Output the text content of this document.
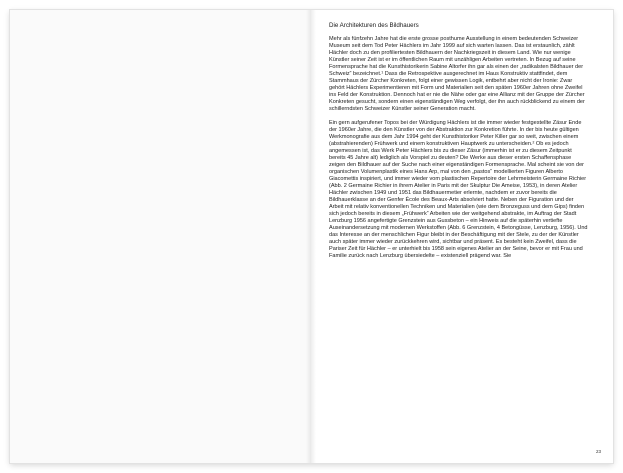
Die Architekturen des Bildhauers

Mehr als fünfzehn Jahre hat die erste grosse posthume Ausstellung in einem bedeutenden Schweizer Museum seit dem Tod Peter Hächlers im Jahr 1999 auf sich warten lassen. Das ist erstaunlich, zählt Hächler doch zu den profiliertesten Bildhauern der Nachkriegszeit in diesem Land. Wie nur wenige Künstler seiner Zeit ist er im öffentlichen Raum mit unzähligen Arbeiten vertreten. In Bezug auf seine Formensprache hat die Kunsthistorikerin Sabine Altorfer ihn gar als einen der „radikalsten Bildhauer der Schweiz“ bezeichnet.¹ Dass die Retrospektive ausgerechnet im Haus Konstruktiv stattfindet, dem Stammhaus der Zürcher Konkreten, folgt einer gewissen Logik, entbehrt aber nicht der Ironie: Zwar gehört Hächlers Experimentieren mit Form und Materialien seit den späten 1960er Jahren ohne Zweifel ins Feld der Konstruktion. Dennoch hat er nie die Nähe oder gar eine Allianz mit der Gruppe der Zürcher Konkreten gesucht, sondern einen eigenständigen Weg verfolgt, der ihn auch rückblickend zu einem der schillerndsten Schweizer Künstler seiner Generation macht.

Ein gern aufgerufener Topos bei der Würdigung Hächlers ist die immer wieder festgestellte Zäsur Ende der 1960er Jahre, die den Künstler von der Abstraktion zur Konkretion führte. In der bis heute gültigen Werkmonografie aus dem Jahr 1994 geht der Kunsthistoriker Peter Killer gar so weit, zwischen einem (abstrahierenden) Frühwerk und einem konstruktiven Hauptwerk zu unterscheiden.² Ob es jedoch angemessen ist, das Werk Peter Hächlers bis zu dieser Zäsur (immerhin ist er zu diesem Zeitpunkt bereits 45 Jahre alt) lediglich als Vorspiel zu deuten? Die Werke aus dieser ersten Schaffensphase zeigen den Bildhauer auf der Suche nach einer eigenständigen Formensprache. Mal scheint sie von der organischen Volumenplastik eines Hans Arp, mal von den „pastos“ modellierten Figuren Alberto Giacomettis inspiriert, und immer wieder vom plastischen Repertoire der Lehrmeisterin Germaine Richier (Abb. 2 Germaine Richier in ihrem Atelier in Paris mit der Skulptur Die Ameise, 1953), in deren Atelier Hächler zwischen 1949 und 1951 das Bildhauermetier erlernte, nachdem er zuvor bereits die Bildhauerklasse an der Genfer École des Beaux-Arts absolviert hatte. Neben der Figuration und der Arbeit mit relativ konventionellen Techniken und Materialien (wie dem Bronzeguss und dem Gips) finden sich jedoch bereits in diesem „Frühwerk“ Arbeiten wie der weitgehend abstrakte, im Auftrag der Stadt Lenzburg 1956 angefertigte Grenzstein aus Gussbeton – ein Hinweis auf die späterhin vertiefte Auseinandersetzung mit modernen Werkstoffen (Abb. 6 Grenzstein, 4 Betongüsse, Lenzburg, 1956). Und das Interesse an der menschlichen Figur bleibt in der Beschäftigung mit der Stele, zu der der Künstler auch später immer wieder zurückkehren wird, sichtbar und präsent. Es besteht kein Zweifel, dass die Pariser Zeit für Hächler – er unterhielt bis 1958 sein eigenes Atelier an der Seine, bevor er mit Frau und Familie zurück nach Lenzburg übersiedelte – existenziell prägend war. Sie

23
